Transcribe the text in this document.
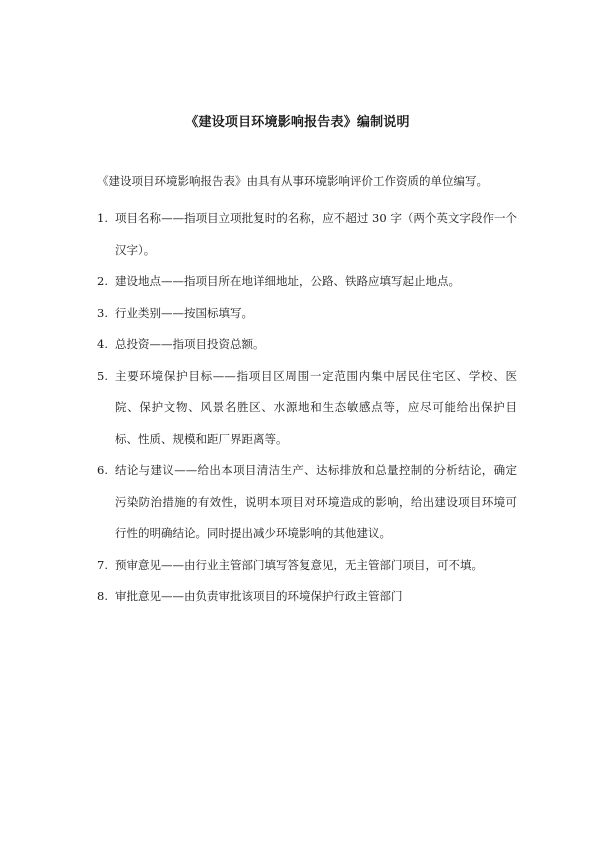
《建设项目环境影响报告表》编制说明
《建设项目环境影响报告表》由具有从事环境影响评价工作资质的单位编写。
1. 项目名称——指项目立项批复时的名称，应不超过 30 字（两个英文字段作一个汉字）。
2. 建设地点——指项目所在地详细地址，公路、铁路应填写起止地点。
3. 行业类别——按国标填写。
4. 总投资——指项目投资总额。
5. 主要环境保护目标——指项目区周围一定范围内集中居民住宅区、学校、医院、保护文物、风景名胜区、水源地和生态敏感点等，应尽可能给出保护目标、性质、规模和距厂界距离等。
6. 结论与建议——给出本项目清洁生产、达标排放和总量控制的分析结论，确定污染防治措施的有效性，说明本项目对环境造成的影响，给出建设项目环境可行性的明确结论。同时提出减少环境影响的其他建议。
7. 预审意见——由行业主管部门填写答复意见，无主管部门项目，可不填。
8. 审批意见——由负责审批该项目的环境保护行政主管部门
